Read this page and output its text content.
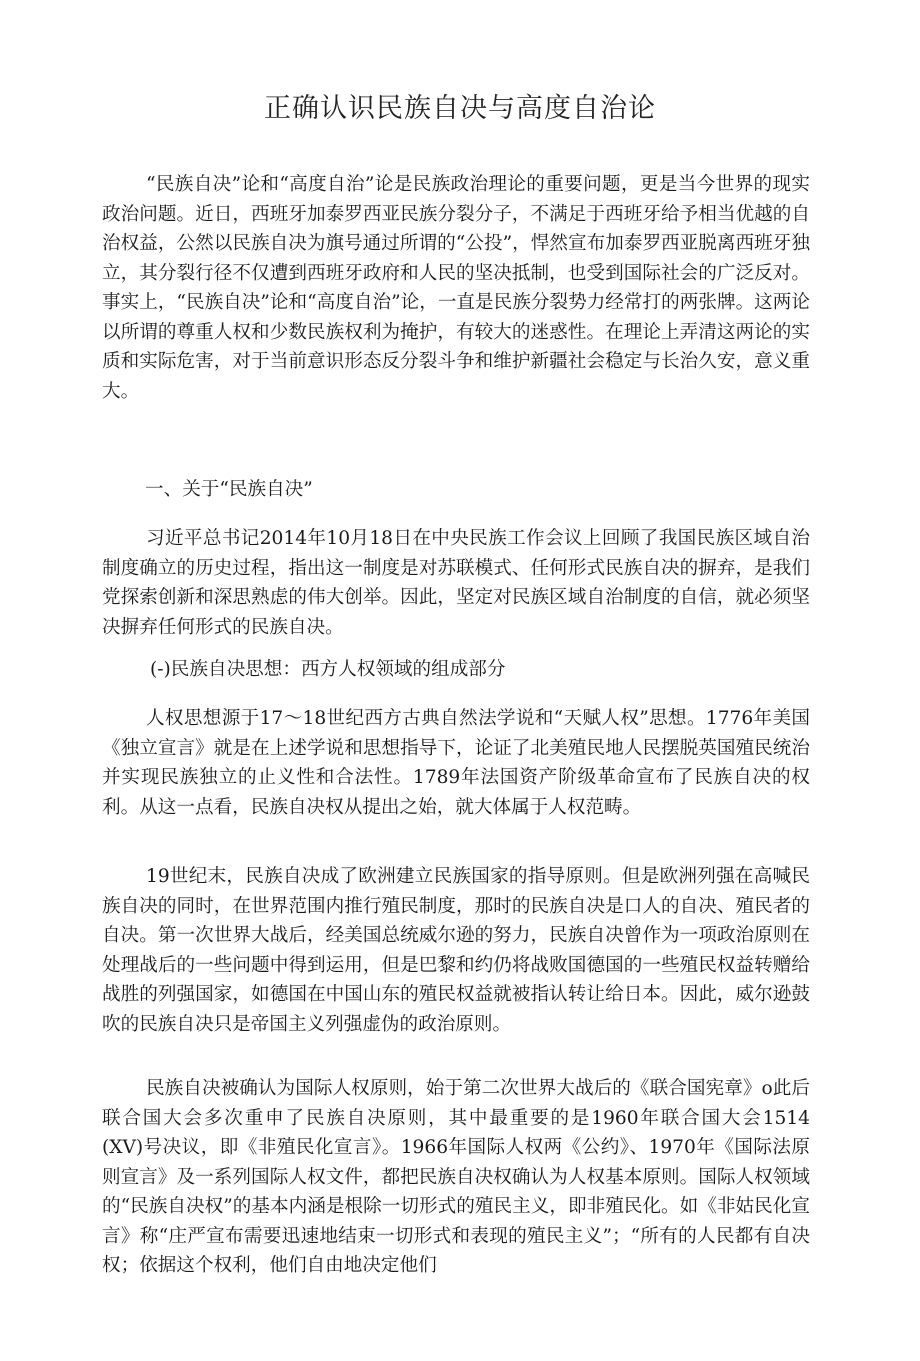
正确认识民族自决与高度自治论

“民族自决”论和“高度自治”论是民族政治理论的重要问题，更是当今世界的现实政治问题。近日，西班牙加泰罗西亚民族分裂分子，不满足于西班牙给予相当优越的自治权益，公然以民族自决为旗号通过所谓的“公投”，悍然宣布加泰罗西亚脱离西班牙独立，其分裂行径不仅遭到西班牙政府和人民的坚决抵制，也受到国际社会的广泛反对。事实上，“民族自决”论和“高度自治”论，一直是民族分裂势力经常打的两张牌。这两论以所谓的尊重人权和少数民族权利为掩护，有较大的迷惑性。在理论上弄清这两论的实质和实际危害，对于当前意识形态反分裂斗争和维护新疆社会稳定与长治久安，意义重大。

一、关于“民族自决”

习近平总书记2014年10月18日在中央民族工作会议上回顾了我国民族区域自治制度确立的历史过程，指出这一制度是对苏联模式、任何形式民族自决的摒弃，是我们党探索创新和深思熟虑的伟大创举。因此，坚定对民族区域自治制度的自信，就必须坚决摒弃任何形式的民族自决。

(-)民族自决思想：西方人权领域的组成部分

人权思想源于17～18世纪西方古典自然法学说和“天赋人权”思想。1776年美国《独立宣言》就是在上述学说和思想指导下，论证了北美殖民地人民摆脱英国殖民统治并实现民族独立的止义性和合法性。1789年法国资产阶级革命宣布了民族自决的权利。从这一点看，民族自决权从提出之始，就大体属于人权范畴。

19世纪末，民族自决成了欧洲建立民族国家的指导原则。但是欧洲列强在高喊民族自决的同时，在世界范围内推行殖民制度，那时的民族自决是口人的自决、殖民者的自决。第一次世界大战后，经美国总统威尔逊的努力，民族自决曾作为一项政治原则在处理战后的一些问题中得到运用，但是巴黎和约仍将战败国德国的一些殖民权益转赠给战胜的列强国家，如德国在中国山东的殖民权益就被指认转让给日本。因此，威尔逊鼓吹的民族自决只是帝国主义列强虚伪的政治原则。

民族自决被确认为国际人权原则，始于第二次世界大战后的《联合国宪章》o此后联合国大会多次重申了民族自决原则，其中最重要的是1960年联合国大会1514　　(XV)号决议，即《非殖民化宣言》。1966年国际人权两《公约》、1970年《国际法原则宣言》及一系列国际人权文件，都把民族自决权确认为人权基本原则。国际人权领域的“民族自决权”的基本内涵是根除一切形式的殖民主义，即非殖民化。如《非姑民化宣言》称“庄严宣布需要迅速地结束一切形式和表现的殖民主义”；“所有的人民都有自决权；依据这个权利，他们自由地决定他们
